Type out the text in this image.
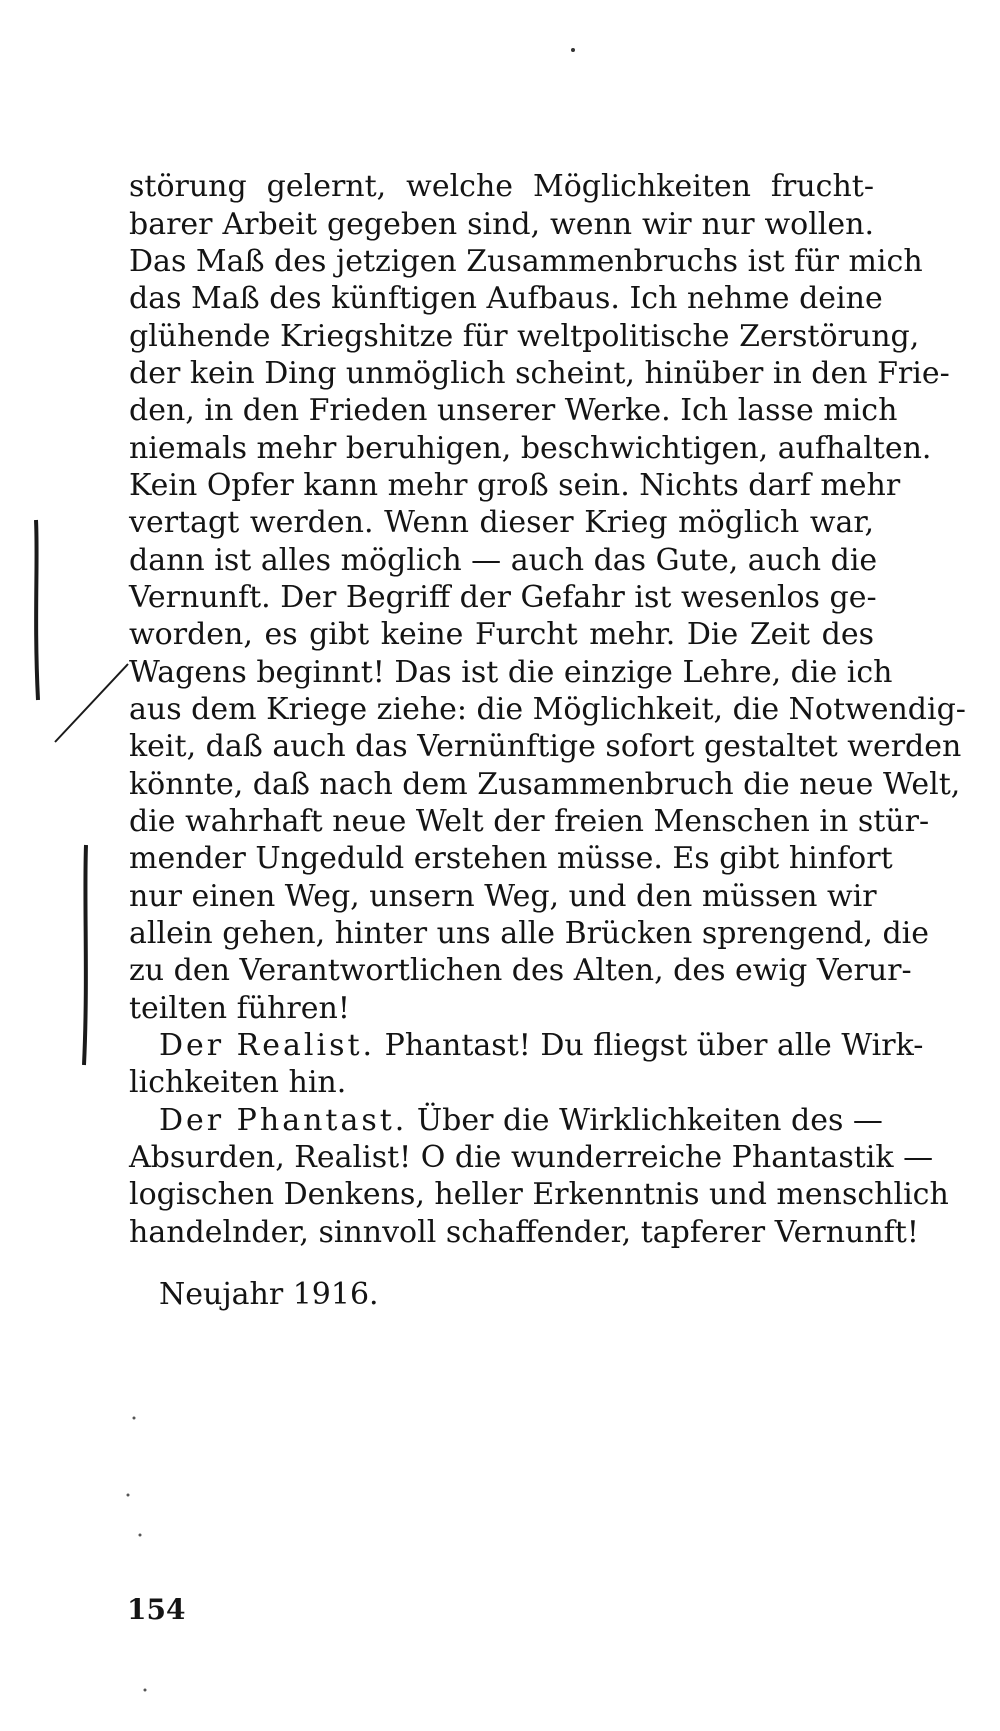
störung gelernt, welche Möglichkeiten frucht-
barer Arbeit gegeben sind, wenn wir nur wollen.
Das Maß des jetzigen Zusammenbruchs ist für mich
das Maß des künftigen Aufbaus. Ich nehme deine
glühende Kriegshitze für weltpolitische Zerstörung,
der kein Ding unmöglich scheint, hinüber in den Frie-
den, in den Frieden unserer Werke. Ich lasse mich
niemals mehr beruhigen, beschwichtigen, aufhalten.
Kein Opfer kann mehr groß sein. Nichts darf mehr
vertagt werden. Wenn dieser Krieg möglich war,
dann ist alles möglich — auch das Gute, auch die
Vernunft. Der Begriff der Gefahr ist wesenlos ge-
worden, es gibt keine Furcht mehr. Die Zeit des
Wagens beginnt! Das ist die einzige Lehre, die ich
aus dem Kriege ziehe: die Möglichkeit, die Notwendig-
keit, daß auch das Vernünftige sofort gestaltet werden
könnte, daß nach dem Zusammenbruch die neue Welt,
die wahrhaft neue Welt der freien Menschen in stür-
mender Ungeduld erstehen müsse. Es gibt hinfort
nur einen Weg, unsern Weg, und den müssen wir
allein gehen, hinter uns alle Brücken sprengend, die
zu den Verantwortlichen des Alten, des ewig Verur-
teilten führen!
Der Realist. Phantast! Du fliegst über alle Wirk-
lichkeiten hin.
Der Phantast. Über die Wirklichkeiten des —
Absurden, Realist! O die wunderreiche Phantastik —
logischen Denkens, heller Erkenntnis und menschlich
handelnder, sinnvoll schaffender, tapferer Vernunft!
Neujahr 1916.
154
